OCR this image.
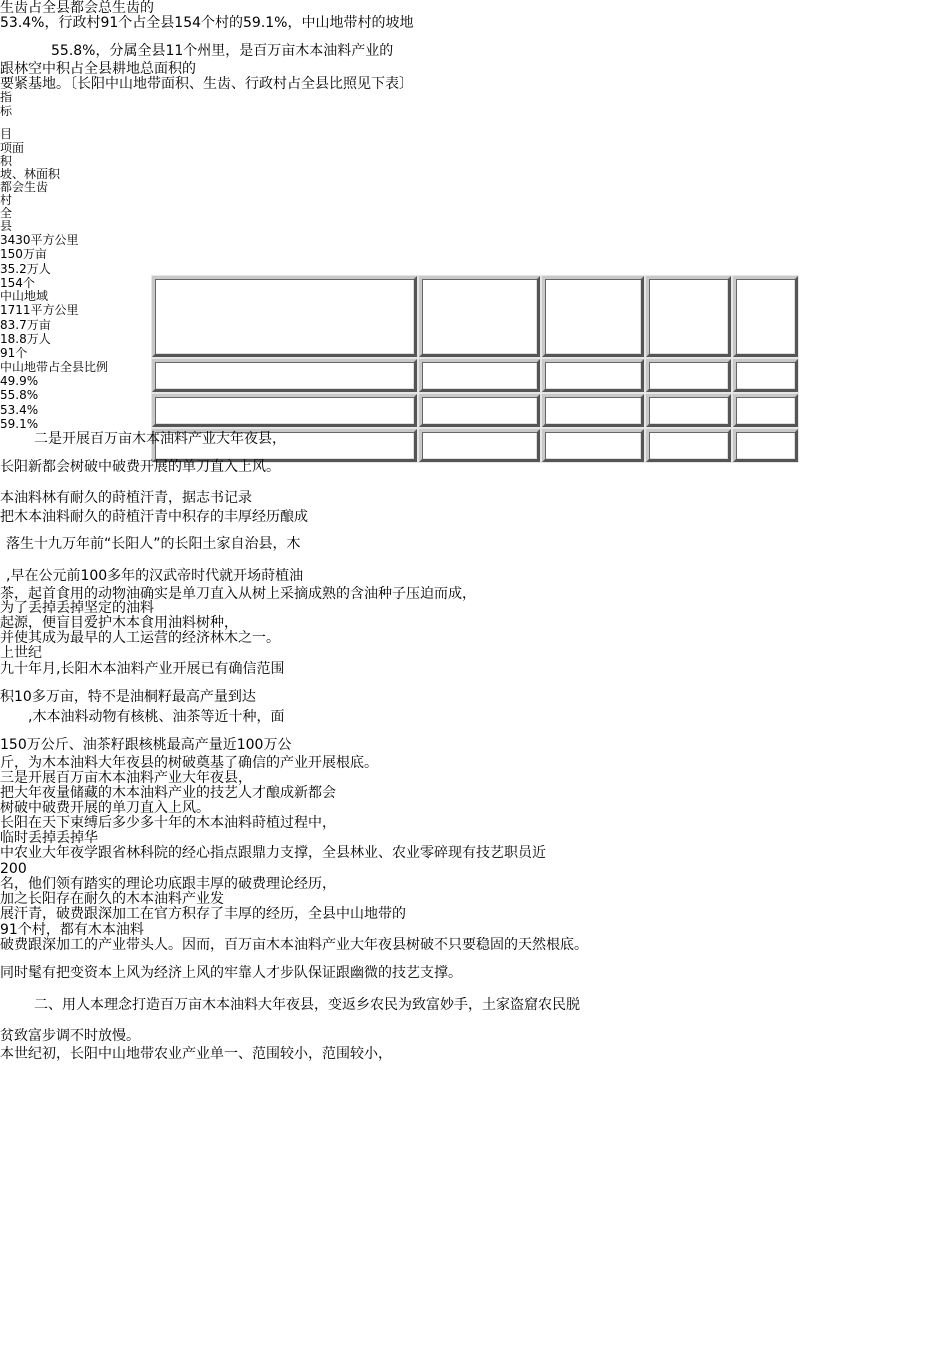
生齿占全县都会总生齿的
53.4%，行政村91个占全县154个村的59.1%，中山地带村的坡地
55.8%，分属全县11个州里，是百万亩木本油料产业的
跟林空中积占全县耕地总面积的
要紧基地。〔长阳中山地带面积、生齿、行政村占全县比照见下表〕
指
标
目
项面
积
坡、林面积
都会生齿
村
全
县
3430平方公里
150万亩
35.2万人
154个
中山地域
1711平方公里
83.7万亩
18.8万人
91个
中山地带占全县比例
49.9%
55.8%
53.4%
59.1%
二是开展百万亩木本油料产业大年夜县，
长阳新都会树破中破费开展的单刀直入上风。
本油料林有耐久的莳植汗青，据志书记录
把木本油料耐久的莳植汗青中积存的丰厚经历酿成
落生十九万年前“长阳人”的长阳土家自治县，木
,早在公元前100多年的汉武帝时代就开场莳植油
茶，起首食用的动物油确实是单刀直入从树上采摘成熟的含油种子压迫而成，
为了丢掉丢掉坚定的油料
起源，便盲目爱护木本食用油料树种，
并使其成为最早的人工运营的经济林木之一。
上世纪
九十年月,长阳木本油料产业开展已有确信范围
积10多万亩，特不是油桐籽最高产量到达
,木本油料动物有核桃、油茶等近十种，面
150万公斤、油茶籽跟核桃最高产量近100万公
斤，为木本油料大年夜县的树破奠基了确信的产业开展根底。
三是开展百万亩木本油料产业大年夜县，
把大年夜量储藏的木本油料产业的技艺人才酿成新都会
树破中破费开展的单刀直入上风。
长阳在天下束缚后多少多十年的木本油料莳植过程中，
临时丢掉丢掉华
中农业大年夜学跟省林科院的经心指点跟鼎力支撑，全县林业、农业零碎现有技艺职员近
200
名，他们领有踏实的理论功底跟丰厚的破费理论经历，
加之长阳存在耐久的木本油料产业发
展汗青，破费跟深加工在官方积存了丰厚的经历，全县中山地带的
91个村，都有木本油料
破费跟深加工的产业带头人。因而，百万亩木本油料产业大年夜县树破不只要稳固的天然根底。
同时髦有把变资本上风为经济上风的牢靠人才步队保证跟幽微的技艺支撑。
二、用人本理念打造百万亩木本油料大年夜县，变返乡农民为致富妙手，土家盗窟农民脱
贫致富步调不时放慢。
本世纪初，长阳中山地带农业产业单一、范围较小，范围较小，
